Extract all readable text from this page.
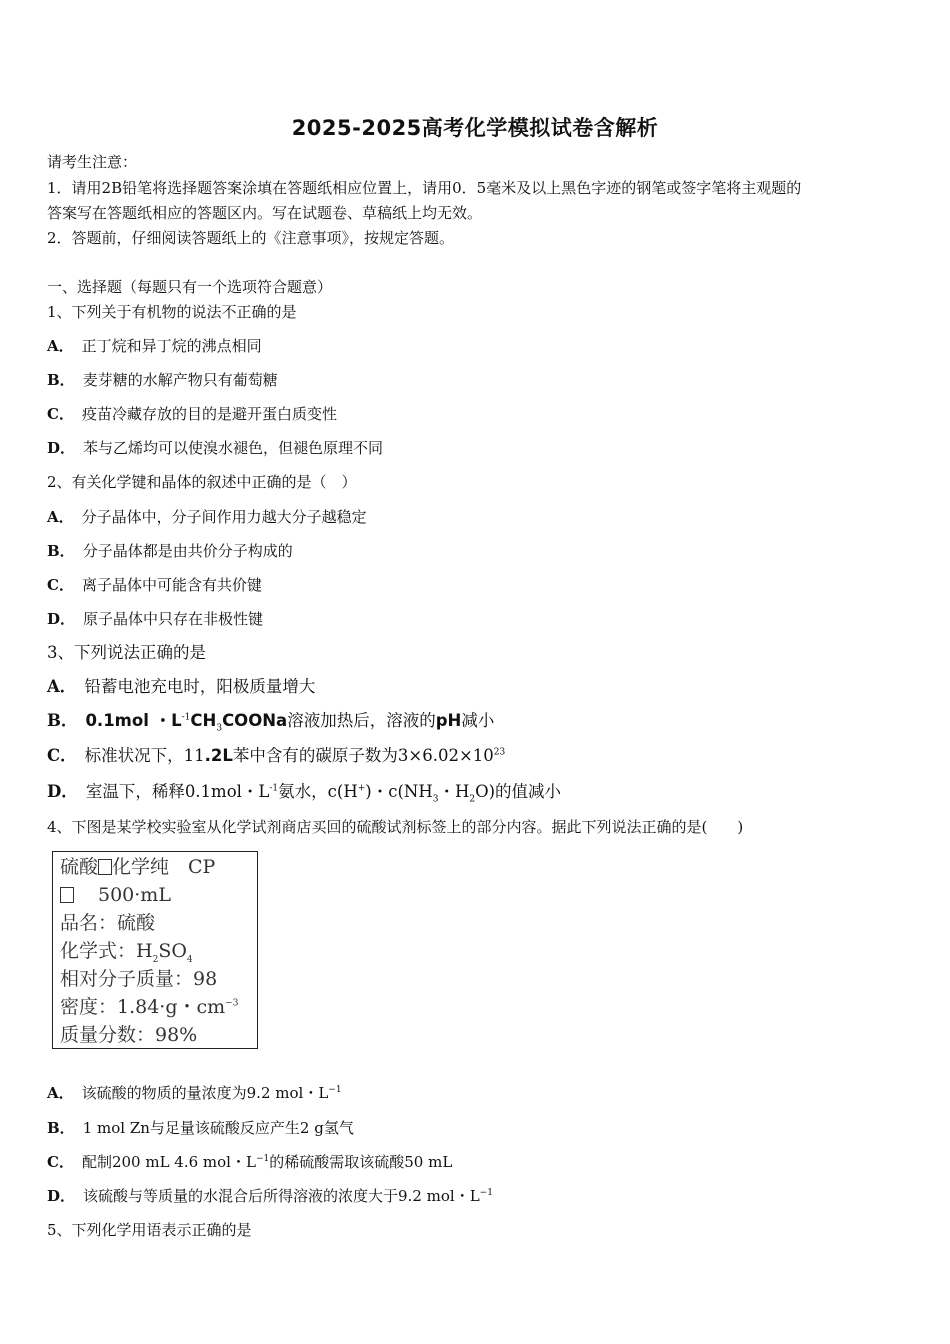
2025-2025高考化学模拟试卷含解析
请考生注意：
1．请用2B铅笔将选择题答案涂填在答题纸相应位置上，请用0．5毫米及以上黑色字迹的钢笔或签字笔将主观题的
答案写在答题纸相应的答题区内。写在试题卷、草稿纸上均无效。
2．答题前，仔细阅读答题纸上的《注意事项》，按规定答题。
一、选择题（每题只有一个选项符合题意）
1、下列关于有机物的说法不正确的是
A． 正丁烷和异丁烷的沸点相同
B． 麦芽糖的水解产物只有葡萄糖
C． 疫苗冷藏存放的目的是避开蛋白质变性
D． 苯与乙烯均可以使溴水褪色，但褪色原理不同
2、有关化学键和晶体的叙述中正确的是（　）
A． 分子晶体中，分子间作用力越大分子越稳定
B． 分子晶体都是由共价分子构成的
C． 离子晶体中可能含有共价键
D． 原子晶体中只存在非极性键
3、下列说法正确的是
A． 铅蓄电池充电时，阳极质量增大
B． 0.1mol ・$L^{-1}CH_3COONa$溶液加热后，溶液的pH减小
C． 标准状况下，11.2L苯中含有的碳原子数为$3\times 6.02\times 10^{23}$
D． 室温下，稀释0.1mol・$L^{-1}$氨水，c(H+)・$c(NH_3$・$H_2O$)的值减小
4、下图是某学校实验室从化学试剂商店买回的硫酸试剂标签上的部分内容。据此下列说法正确的是(　　)
硫酸 化学纯　CP
500·mL
品名：硫酸
化学式：$H_2SO_4$
相对分子质量：98
密度：1.84·g・$cm^{-3}$
质量分数：98%
A． 该硫酸的物质的量浓度为9.2 mol・$L^{-1}$
B． 1 mol Zn与足量该硫酸反应产生2 g氢气
C． 配制200 mL 4.6 mol・$L^{-1}$的稀硫酸需取该硫酸50 mL
D． 该硫酸与等质量的水混合后所得溶液的浓度大于9.2 mol・$L^{-1}$
5、下列化学用语表示正确的是
